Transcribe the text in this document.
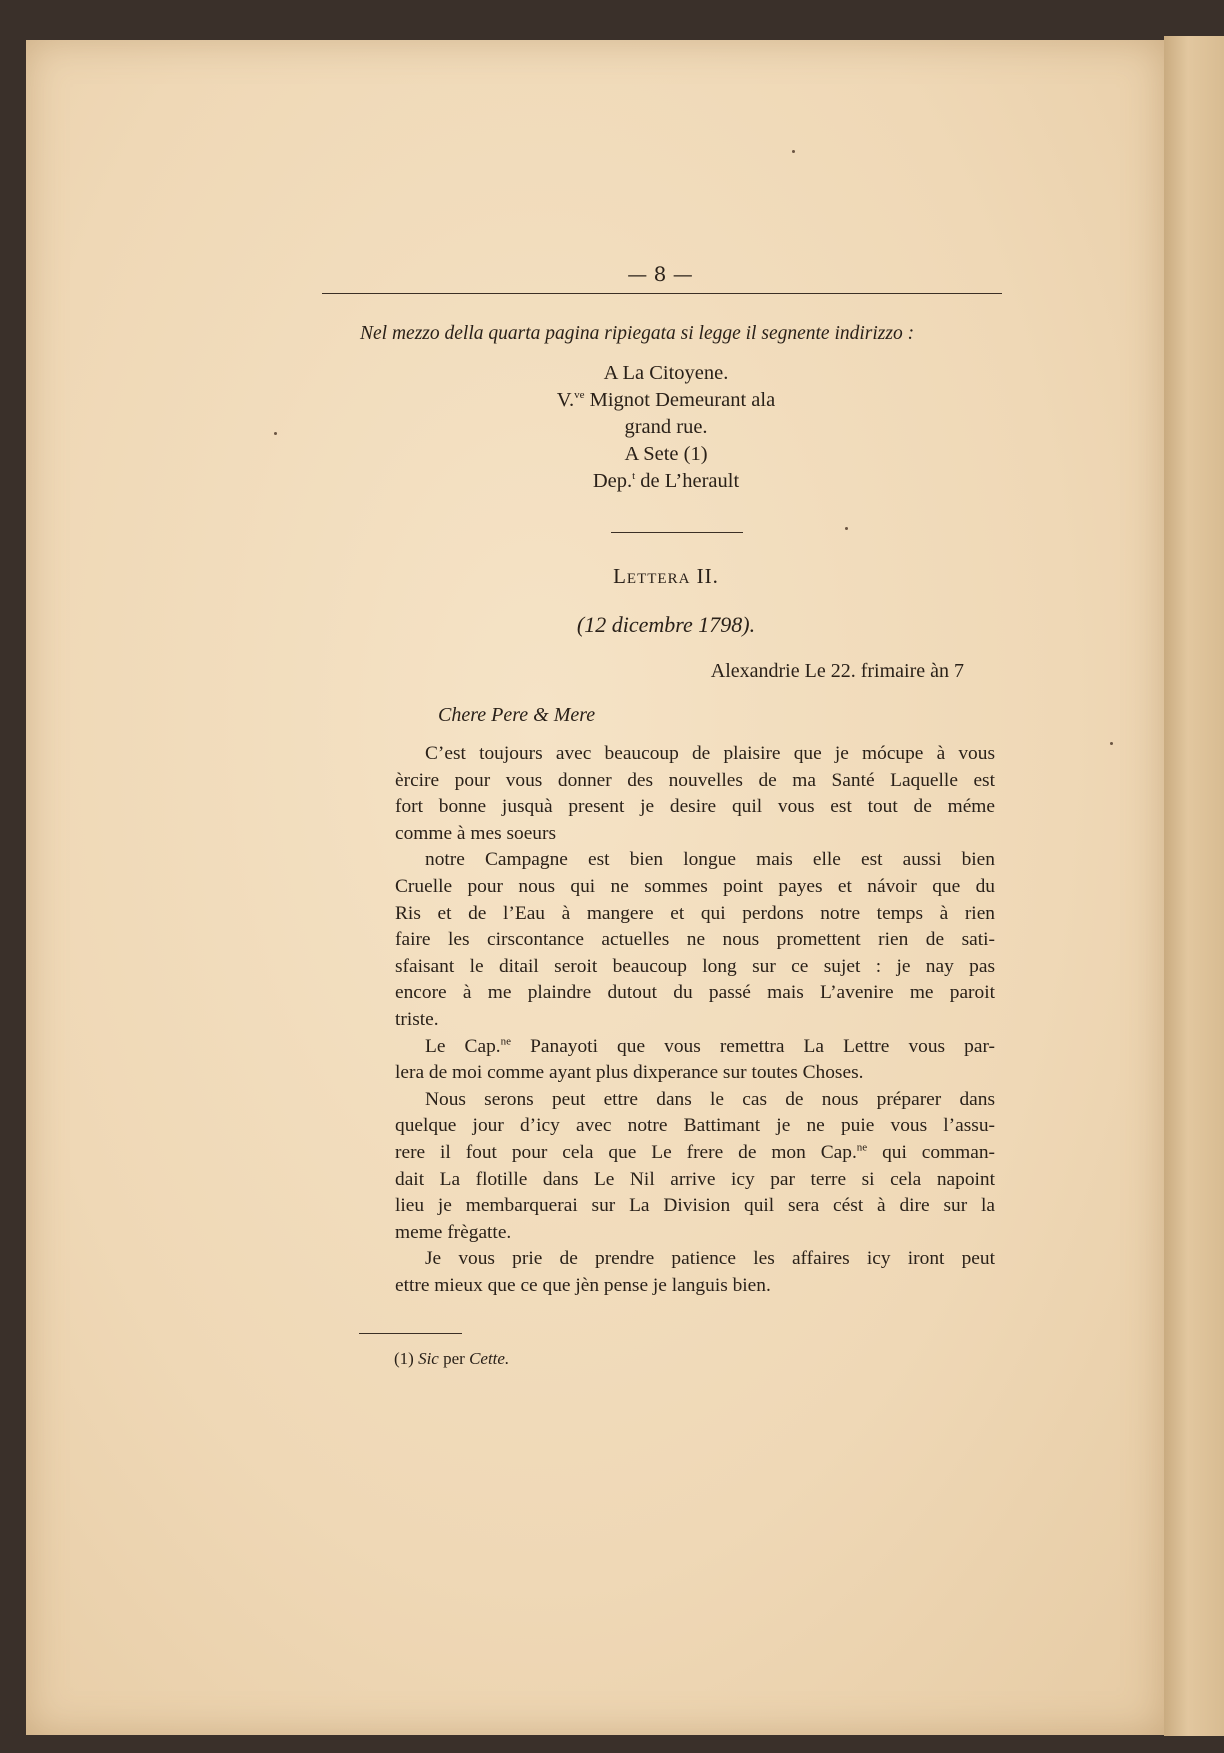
— 8 —
Nel mezzo della quarta pagina ripiegata si legge il segnente indirizzo :
A La Citoyene.
V.$^{ve}$ Mignot Demeurant ala
grand rue.
A Sete (1)
Dep.$^t$ de L’herault
Lettera II.
(12 dicembre 1798).
Alexandrie Le 22. frimaire àn 7
Chere Pere & Mere
C’est toujours avec beaucoup de plaisire que je mócupe à vous
èrcire pour vous donner des nouvelles de ma Santé Laquelle est
fort bonne jusquà present je desire quil vous est tout de méme
comme à mes soeurs
notre Campagne est bien longue mais elle est aussi bien
Cruelle pour nous qui ne sommes point payes et návoir que du
Ris et de l’Eau à mangere et qui perdons notre temps à rien
faire les cirscontance actuelles ne nous promettent rien de sati-
sfaisant le ditail seroit beaucoup long sur ce sujet : je nay pas
encore à me plaindre dutout du passé mais L’avenire me paroit
triste.
Le Cap.$^{ne}$ Panayoti que vous remettra La Lettre vous par-
lera de moi comme ayant plus dixperance sur toutes Choses.
Nous serons peut ettre dans le cas de nous préparer dans
quelque jour d’icy avec notre Battimant je ne puie vous l’assu-
rere il fout pour cela que Le frere de mon Cap.$^{ne}$ qui comman-
dait La flotille dans Le Nil arrive icy par terre si cela napoint
lieu je membarquerai sur La Division quil sera cést à dire sur la
meme frègatte.
Je vous prie de prendre patience les affaires icy iront peut
ettre mieux que ce que jèn pense je languis bien.
(1) Sic per Cette.
